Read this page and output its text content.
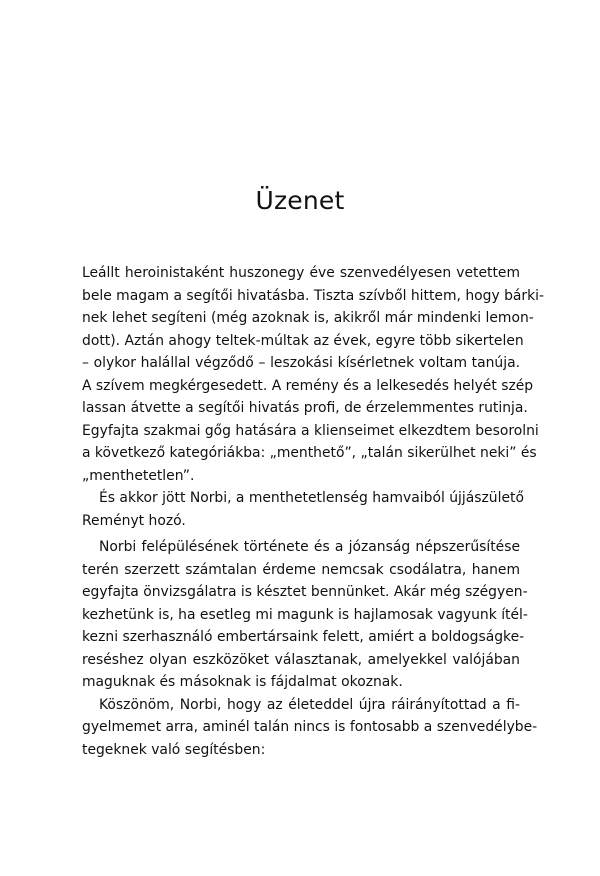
Üzenet
Leállt heroinistaként huszonegy éve szenvedélyesen vetettem
bele magam a segítői hivatásba. Tiszta szívből hittem, hogy bárki-
nek lehet segíteni (még azoknak is, akikről már mindenki lemon-
dott). Aztán ahogy teltek-múltak az évek, egyre több sikertelen
– olykor halállal végződő – leszokási kísérletnek voltam tanúja.
A szívem megkérgesedett. A remény és a lelkesedés helyét szép
lassan átvette a segítői hivatás profi, de érzelemmentes rutinja.
Egyfajta szakmai gőg hatására a klienseimet elkezdtem besorolni
a következő kategóriákba: „menthető”, „talán sikerülhet neki” és
„menthetetlen”.
És akkor jött Norbi, a menthetetlenség hamvaiból újjászülető
Reményt hozó.
Norbi felépülésének története és a józanság népszerűsítése
terén szerzett számtalan érdeme nemcsak csodálatra, hanem
egyfajta önvizsgálatra is késztet bennünket. Akár még szégyen-
kezhetünk is, ha esetleg mi magunk is hajlamosak vagyunk ítél-
kezni szerhasználó embertársaink felett, amiért a boldogságke-
reséshez olyan eszközöket választanak, amelyekkel valójában
maguknak és másoknak is fájdalmat okoznak.
Köszönöm, Norbi, hogy az életeddel újra ráirányítottad a fi-
gyelmemet arra, aminél talán nincs is fontosabb a szenvedélybe-
tegeknek való segítésben:
